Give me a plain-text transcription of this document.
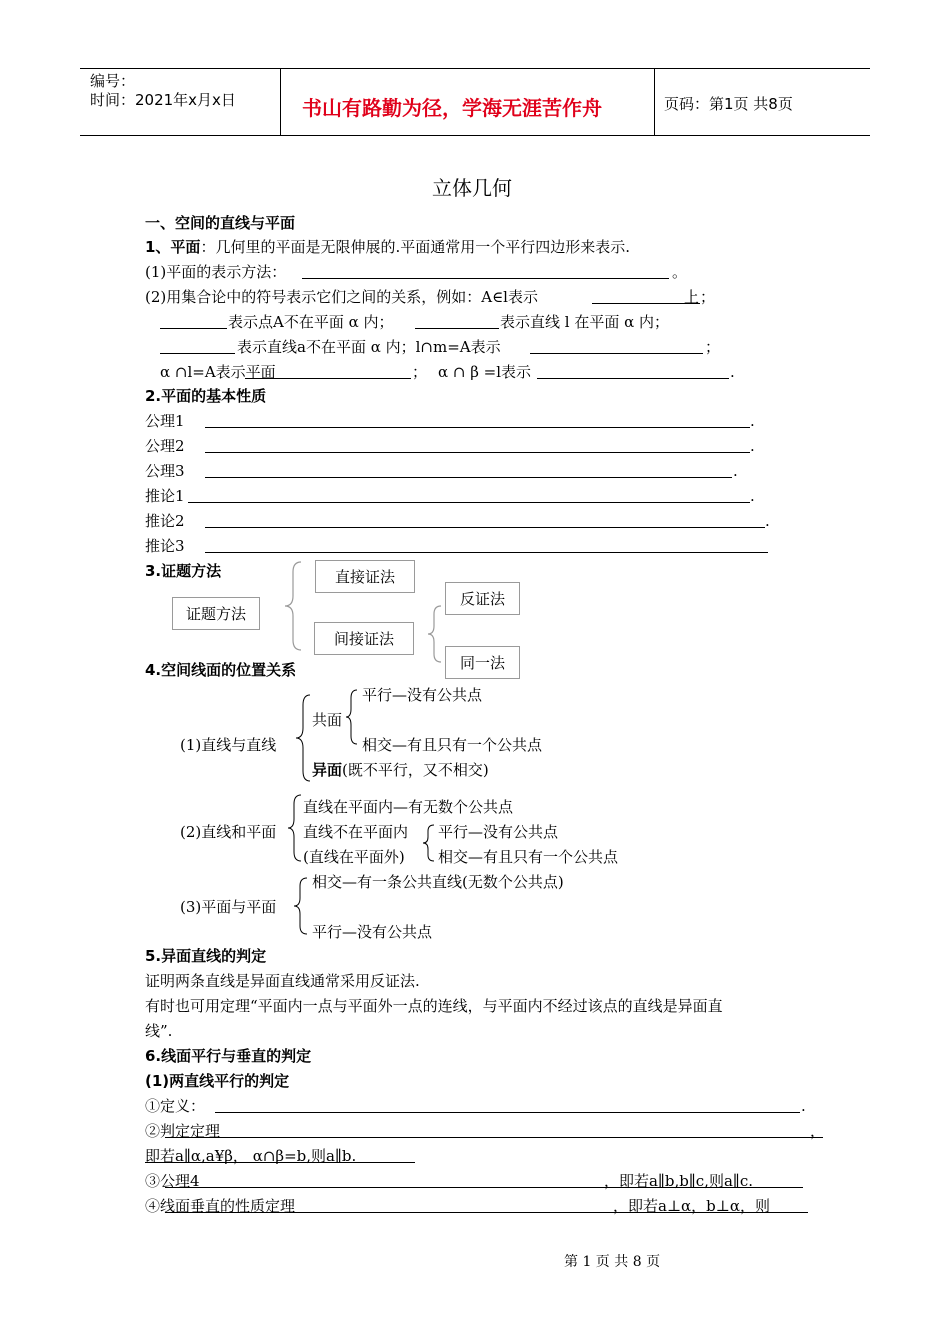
编号：
时间：2021年x月x日	书山有路勤为径，学海无涯苦作舟	页码：第1页 共8页
立体几何
一、空间的直线与平面
1、平面：几何里的平面是无限伸展的.平面通常用一个平行四边形来表示.
(1)平面的表示方法：	。
(2)用集合论中的符号表示它们之间的关系，例如：A∈l表示	上 ；
表示点A不在平面 α 内；	表示直线 l 在平面 α 内；
表示直线a不在平面 α 内；l∩m=A表示	；
α ∩l=A表示平面	； α ∩ β =l表示	.
2.平面的基本性质
公理1	.
公理2	.
公理3	.
推论1	.
推论2	.
推论3
3.证题方法
证题方法
直接证法
间接证法
反证法
同一法
4.空间线面的位置关系
(1)直线与直线
共面
平行—没有公共点
相交—有且只有一个公共点
异面(既不平行，又不相交)
(2)直线和平面
直线在平面内—有无数个公共点
直线不在平面内
(直线在平面外)
平行—没有公共点
相交—有且只有一个公共点
(3)平面与平面
相交—有一条公共直线(无数个公共点)
平行—没有公共点
5.异面直线的判定
证明两条直线是异面直线通常采用反证法.
有时也可用定理“平面内一点与平面外一点的连线，与平面内不经过该点的直线是异面直
线”.
6.线面平行与垂直的判定
(1)两直线平行的判定
①定义：	.
②判定定理	，
即若a∥α,a¥β， α∩β=b,则a∥b.
③公理4	，即若a∥b,b∥c,则a∥c.
④线面垂直的性质定理	，即若a⊥α，b⊥α，则
第 1 页 共 8 页
